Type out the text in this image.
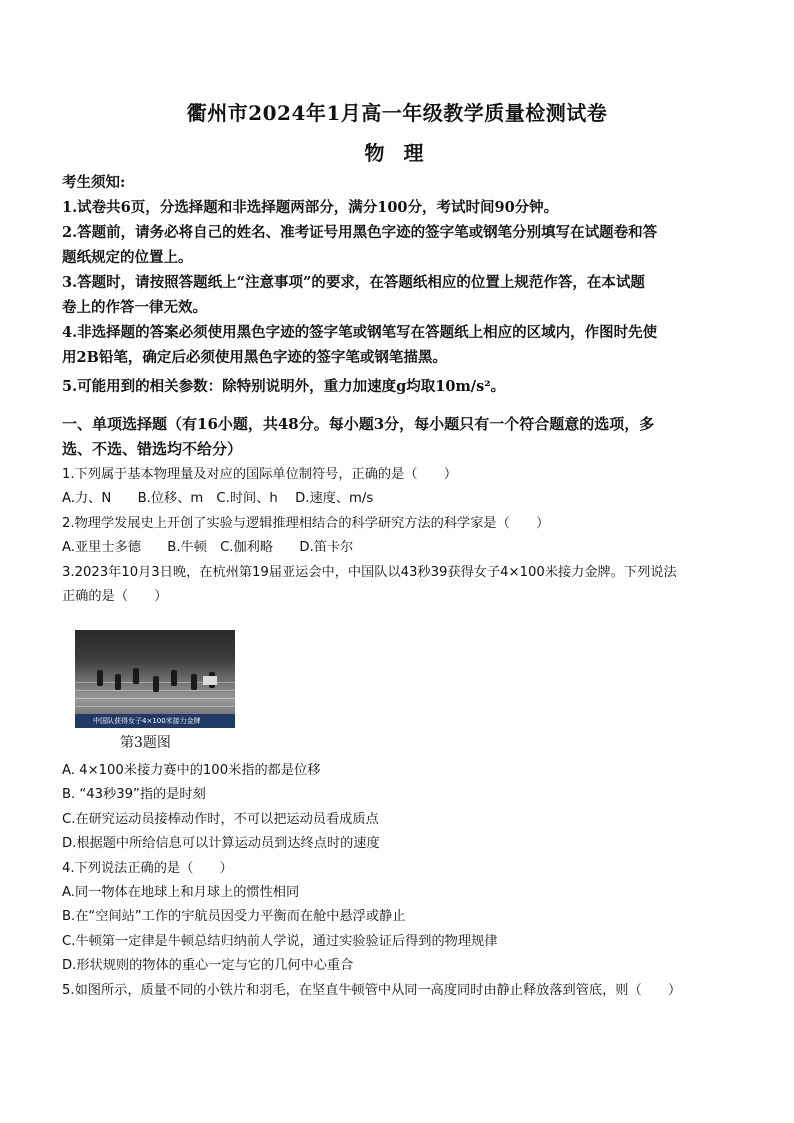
衢州市2024年1月高一年级教学质量检测试卷
物 理

考生须知:

1.试卷共6页，分选择题和非选择题两部分，满分100分，考试时间90分钟。

2.答题前，请务必将自己的姓名、准考证号用黑色字迹的签字笔或钢笔分别填写在试题卷和答

题纸规定的位置上。

3.答题时，请按照答题纸上“注意事项”的要求，在答题纸相应的位置上规范作答，在本试题

卷上的作答一律无效。

4.非选择题的答案必须使用黑色字迹的签字笔或钢笔写在答题纸上相应的区域内，作图时先使

用2B铅笔，确定后必须使用黑色字迹的签字笔或钢笔描黑。

5.可能用到的相关参数：除特别说明外，重力加速度g均取10m/s²。

一、单项选择题（有16小题，共48分。每小题3分，每小题只有一个符合题意的选项，多

选、不选、错选均不给分）

1.下列属于基本物理量及对应的国际单位制符号，正确的是（　　）

A.力、N　　B.位移、m　C.时间、h　 D.速度、m/s

2.物理学发展史上开创了实验与逻辑推理相结合的科学研究方法的科学家是（　　）

A.亚里士多德　　B.牛顿　C.伽利略　　D.笛卡尔

3.2023年10月3日晚，在杭州第19届亚运会中，中国队以43秒39获得女子4×100米接力金牌。下列说法

正确的是（　　）

中国队获得女子4×100米接力金牌
第3题图

A. 4×100米接力赛中的100米指的都是位移

B. “43秒39”指的是时刻

C.在研究运动员接棒动作时，不可以把运动员看成质点

D.根据题中所给信息可以计算运动员到达终点时的速度

4.下列说法正确的是（　　）

A.同一物体在地球上和月球上的惯性相同

B.在“空间站”工作的宇航员因受力平衡而在舱中悬浮或静止

C.牛顿第一定律是牛顿总结归纳前人学说，通过实验验证后得到的物理规律

D.形状规则的物体的重心一定与它的几何中心重合

5.如图所示，质量不同的小铁片和羽毛，在坚直牛顿管中从同一高度同时由静止释放落到管底，则（　　）
